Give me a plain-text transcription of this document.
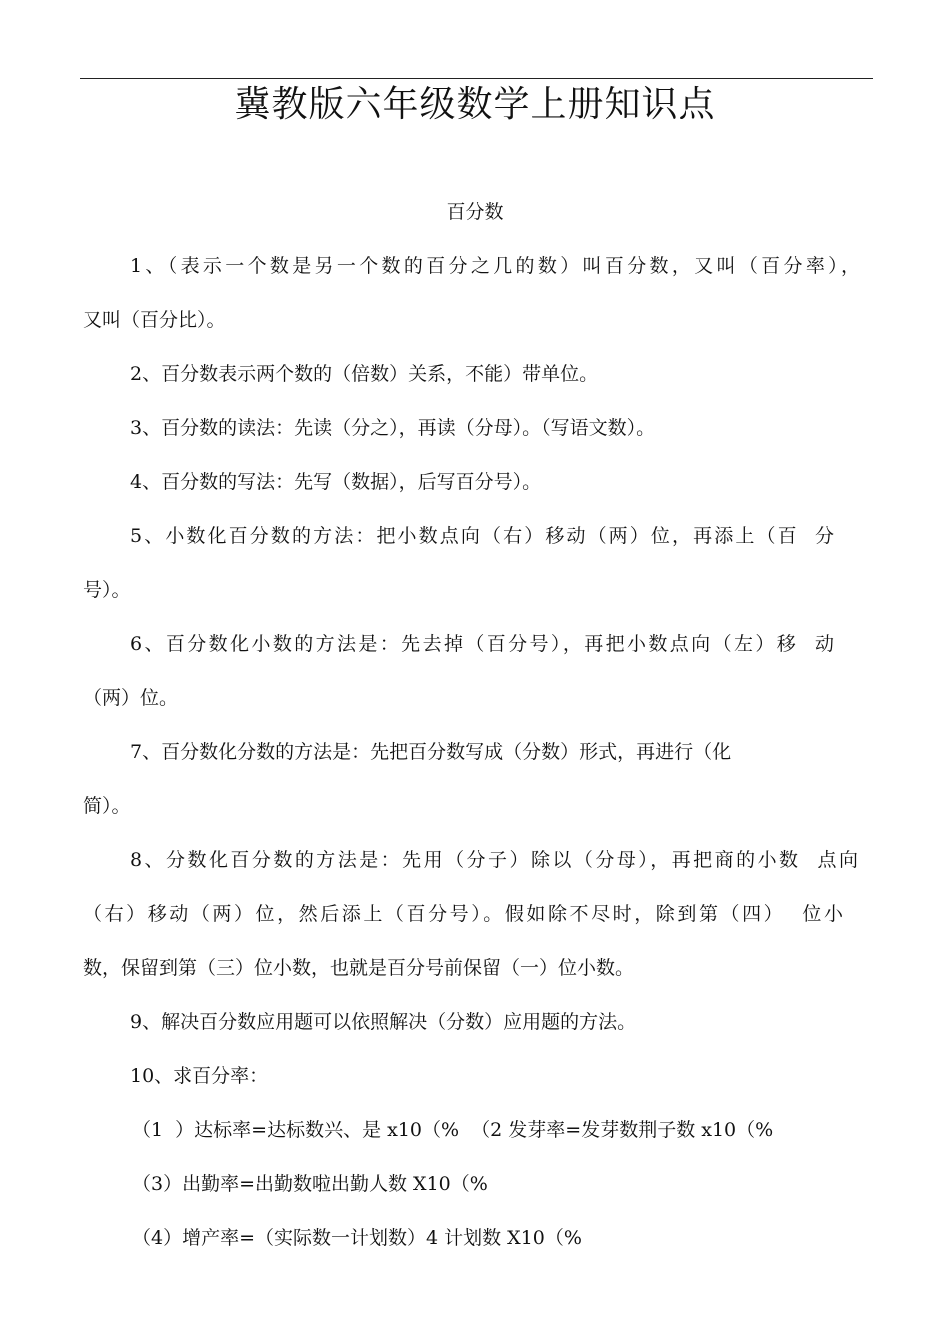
冀教版六年级数学上册知识点
百分数
1、（表示一个数是另一个数的百分之几的数）叫百分数，又叫（百分率），
又叫（百分比）。
2、百分数表示两个数的（倍数）关系，不能）带单位。
3、百分数的读法：先读（分之），再读（分母）。（写语文数）。
4、百分数的写法：先写（数据），后写百分号）。
5、小数化百分数的方法：把小数点向（右）移动（两）位，再添上（百  分
号）。
6、百分数化小数的方法是：先去掉（百分号），再把小数点向（左）移  动
（两）位。
7、百分数化分数的方法是：先把百分数写成（分数）形式，再进行（化
简）。
8、分数化百分数的方法是：先用（分子）除以（分母），再把商的小数  点向
（右）移动（两）位，然后添上（百分号）。假如除不尽时，除到第（四）  位小
数，保留到第（三）位小数，也就是百分号前保留（一）位小数。
9、解决百分数应用题可以依照解决（分数）应用题的方法。
10、求百分率：
（1  ）达标率=达标数兴、是 x10（%  （2 发芽率=发芽数荆子数 x10（%
（3）出勤率=出勤数啦出勤人数 X10（%
（4）增产率=（实际数一计划数）4 计划数 X10（%
